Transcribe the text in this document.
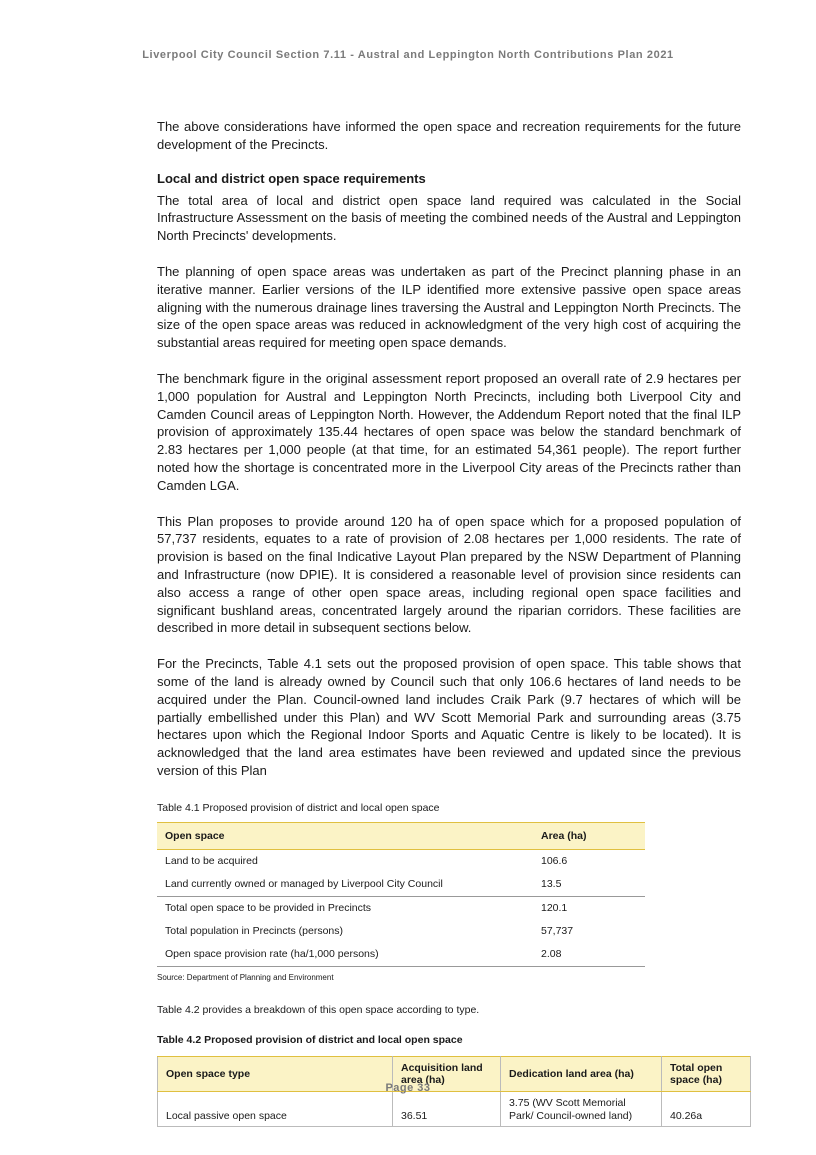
Liverpool City Council Section 7.11 - Austral and Leppington North Contributions Plan 2021

The above considerations have informed the open space and recreation requirements for the future development of the Precincts.

Local and district open space requirements

The total area of local and district open space land required was calculated in the Social Infrastructure Assessment on the basis of meeting the combined needs of the Austral and Leppington North Precincts' developments.

The planning of open space areas was undertaken as part of the Precinct planning phase in an iterative manner. Earlier versions of the ILP identified more extensive passive open space areas aligning with the numerous drainage lines traversing the Austral and Leppington North Precincts. The size of the open space areas was reduced in acknowledgment of the very high cost of acquiring the substantial areas required for meeting open space demands.

The benchmark figure in the original assessment report proposed an overall rate of 2.9 hectares per 1,000 population for Austral and Leppington North Precincts, including both Liverpool City and Camden Council areas of Leppington North. However, the Addendum Report noted that the final ILP provision of approximately 135.44 hectares of open space was below the standard benchmark of 2.83 hectares per 1,000 people (at that time, for an estimated 54,361 people). The report further noted how the shortage is concentrated more in the Liverpool City areas of the Precincts rather than Camden LGA.

This Plan proposes to provide around 120 ha of open space which for a proposed population of 57,737 residents, equates to a rate of provision of 2.08 hectares per 1,000 residents. The rate of provision is based on the final Indicative Layout Plan prepared by the NSW Department of Planning and Infrastructure (now DPIE). It is considered a reasonable level of provision since residents can also access a range of other open space areas, including regional open space facilities and significant bushland areas, concentrated largely around the riparian corridors. These facilities are described in more detail in subsequent sections below.

For the Precincts, Table 4.1 sets out the proposed provision of open space. This table shows that some of the land is already owned by Council such that only 106.6 hectares of land needs to be acquired under the Plan. Council-owned land includes Craik Park (9.7 hectares of which will be partially embellished under this Plan) and WV Scott Memorial Park and surrounding areas (3.75 hectares upon which the Regional Indoor Sports and Aquatic Centre is likely to be located). It is acknowledged that the land area estimates have been reviewed and updated since the previous version of this Plan

Table 4.1 Proposed provision of district and local open space
Open space	Area (ha)
Land to be acquired	106.6
Land currently owned or managed by Liverpool City Council	13.5
Total open space to be provided in Precincts	120.1
Total population in Precincts (persons)	57,737
Open space provision rate (ha/1,000 persons)	2.08
Source: Department of Planning and Environment
Table 4.2 provides a breakdown of this open space according to type.
Table 4.2 Proposed provision of district and local open space
Open space type	Acquisition land area (ha)	Dedication land area (ha)	Total open space (ha)
Local passive open space	36.51	3.75 (WV Scott Memorial Park/ Council-owned land)	40.26a
Page 33
